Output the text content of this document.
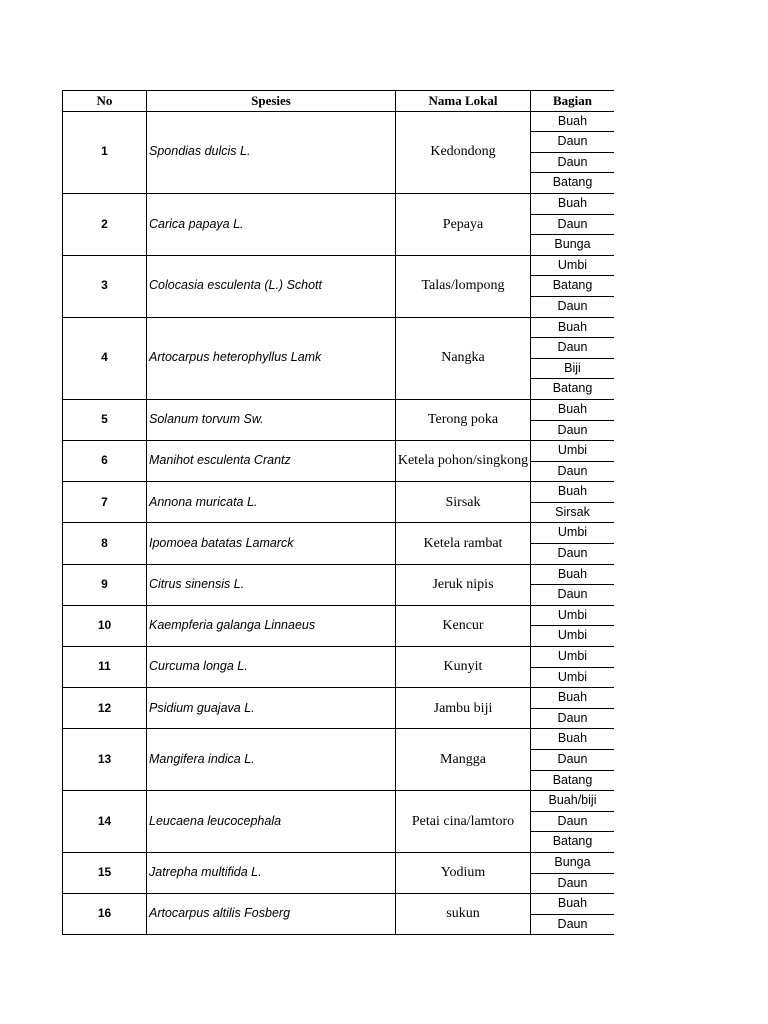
No	Spesies	Nama Lokal	Bagian
1	Spondias dulcis L.	Kedondong	Buah
			Daun
			Daun
			Batang
2	Carica papaya L.	Pepaya	Buah
			Daun
			Bunga
3	Colocasia esculenta (L.) Schott	Talas/lompong	Umbi
			Batang
			Daun
4	Artocarpus heterophyllus Lamk	Nangka	Buah
			Daun
			Biji
			Batang
5	Solanum torvum Sw.	Terong poka	Buah
			Daun
6	Manihot esculenta Crantz	Ketela pohon/singkong	Umbi
			Daun
7	Annona muricata L.	Sirsak	Buah
			Sirsak
8	Ipomoea batatas Lamarck	Ketela rambat	Umbi
			Daun
9	Citrus sinensis L.	Jeruk nipis	Buah
			Daun
10	Kaempferia galanga Linnaeus	Kencur	Umbi
			Umbi
11	Curcuma longa L.	Kunyit	Umbi
			Umbi
12	Psidium guajava L.	Jambu biji	Buah
			Daun
13	Mangifera indica L.	Mangga	Buah
			Daun
			Batang
14	Leucaena leucocephala	Petai cina/lamtoro	Buah/biji
			Daun
			Batang
15	Jatrepha multifida L.	Yodium	Bunga
			Daun
16	Artocarpus altilis Fosberg	sukun	Buah
			Daun
